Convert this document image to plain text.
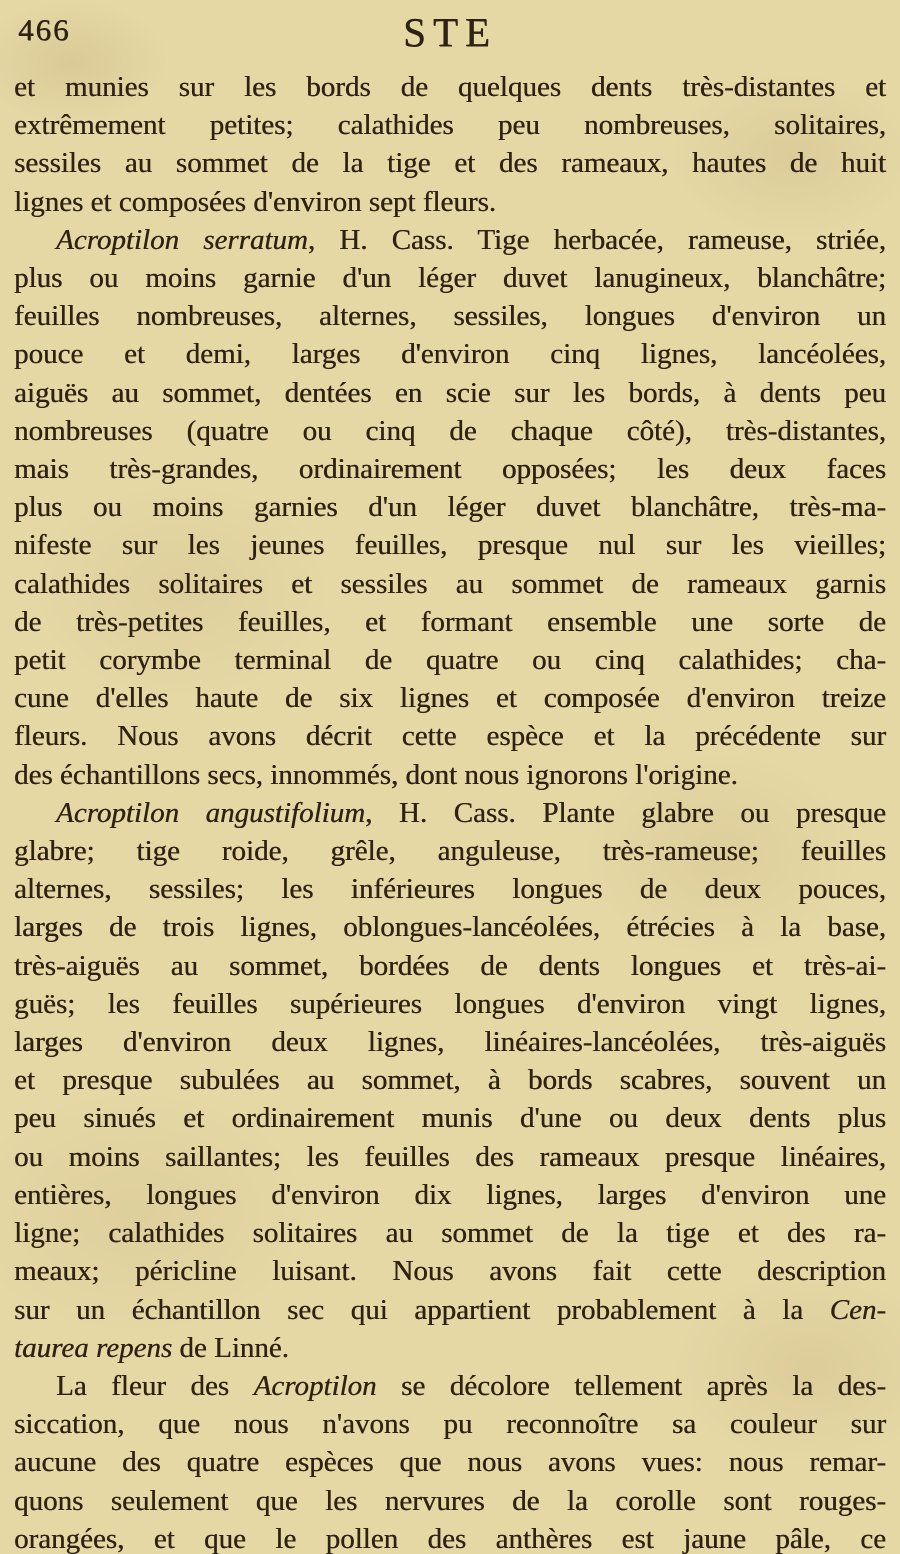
466	STE
et munies sur les bords de quelques dents très-distantes et
extrêmement petites; calathides peu nombreuses, solitaires,
sessiles au sommet de la tige et des rameaux, hautes de huit
lignes et composées d'environ sept fleurs.
Acroptilon serratum, H. Cass. Tige herbacée, rameuse, striée,
plus ou moins garnie d'un léger duvet lanugineux, blanchâtre;
feuilles nombreuses, alternes, sessiles, longues d'environ un
pouce et demi, larges d'environ cinq lignes, lancéolées,
aiguës au sommet, dentées en scie sur les bords, à dents peu
nombreuses (quatre ou cinq de chaque côté), très-distantes,
mais très-grandes, ordinairement opposées; les deux faces
plus ou moins garnies d'un léger duvet blanchâtre, très-ma-
nifeste sur les jeunes feuilles, presque nul sur les vieilles;
calathides solitaires et sessiles au sommet de rameaux garnis
de très-petites feuilles, et formant ensemble une sorte de
petit corymbe terminal de quatre ou cinq calathides; cha-
cune d'elles haute de six lignes et composée d'environ treize
fleurs. Nous avons décrit cette espèce et la précédente sur
des échantillons secs, innommés, dont nous ignorons l'origine.
Acroptilon angustifolium, H. Cass. Plante glabre ou presque
glabre; tige roide, grêle, anguleuse, très-rameuse; feuilles
alternes, sessiles; les inférieures longues de deux pouces,
larges de trois lignes, oblongues-lancéolées, étrécies à la base,
très-aiguës au sommet, bordées de dents longues et très-ai-
guës; les feuilles supérieures longues d'environ vingt lignes,
larges d'environ deux lignes, linéaires-lancéolées, très-aiguës
et presque subulées au sommet, à bords scabres, souvent un
peu sinués et ordinairement munis d'une ou deux dents plus
ou moins saillantes; les feuilles des rameaux presque linéaires,
entières, longues d'environ dix lignes, larges d'environ une
ligne; calathides solitaires au sommet de la tige et des ra-
meaux; péricline luisant. Nous avons fait cette description
sur un échantillon sec qui appartient probablement à la Cen-
taurea repens de Linné.
La fleur des Acroptilon se décolore tellement après la des-
siccation, que nous n'avons pu reconnoître sa couleur sur
aucune des quatre espèces que nous avons vues: nous remar-
quons seulement que les nervures de la corolle sont rouges-
orangées, et que le pollen des anthères est jaune pâle, ce
